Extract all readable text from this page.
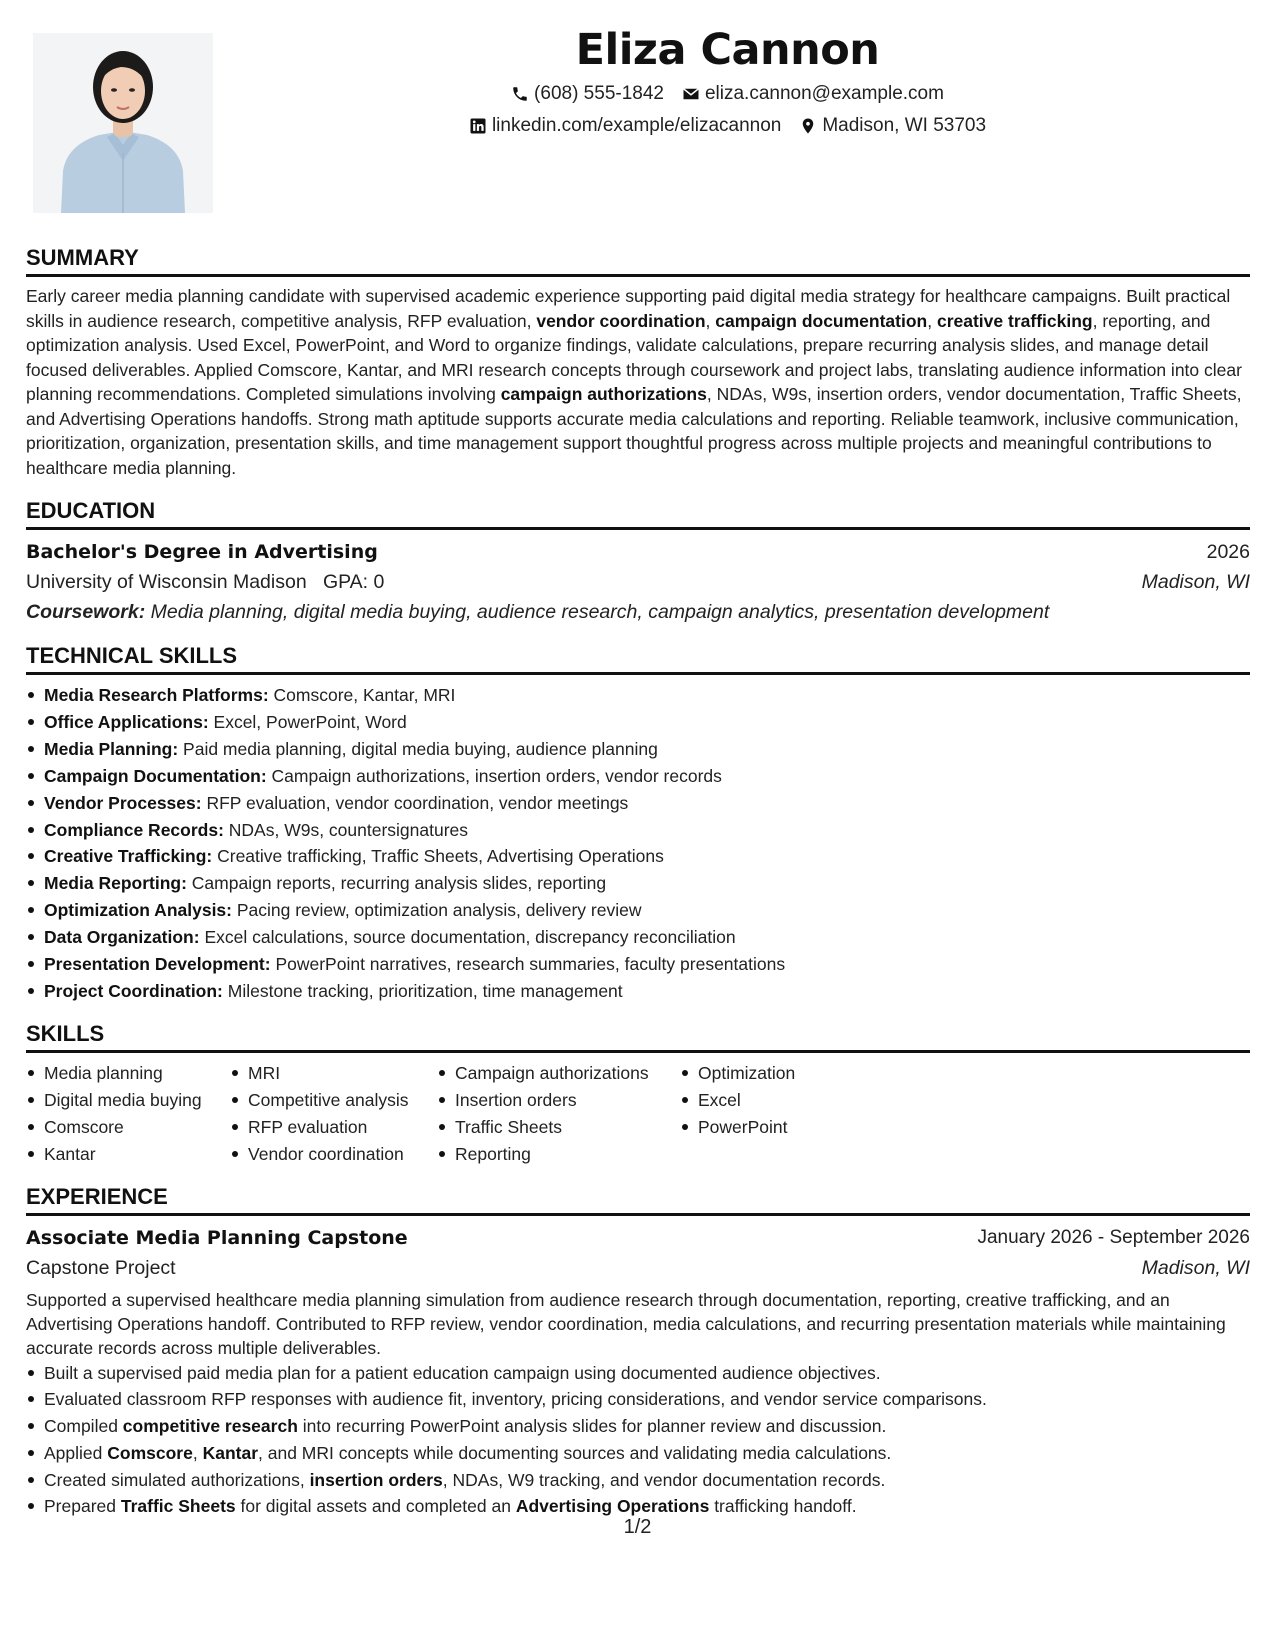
Eliza Cannon
(608) 555-1842 eliza.cannon@example.com
linkedin.com/example/elizacannon Madison, WI 53703
SUMMARY

Early career media planning candidate with supervised academic experience supporting paid digital media strategy for healthcare campaigns. Built practical skills in audience research, competitive analysis, RFP evaluation, vendor coordination, campaign documentation, creative trafficking, reporting, and optimization analysis. Used Excel, PowerPoint, and Word to organize findings, validate calculations, prepare recurring analysis slides, and manage detail focused deliverables. Applied Comscore, Kantar, and MRI research concepts through coursework and project labs, translating audience information into clear planning recommendations. Completed simulations involving campaign authorizations, NDAs, W9s, insertion orders, vendor documentation, Traffic Sheets, and Advertising Operations handoffs. Strong math aptitude supports accurate media calculations and reporting. Reliable teamwork, inclusive communication, prioritization, organization, presentation skills, and time management support thoughtful progress across multiple projects and meaningful contributions to healthcare media planning.

EDUCATION
Bachelor's Degree in Advertising	2026
University of Wisconsin Madison GPA: 0	Madison, WI
Coursework: Media planning, digital media buying, audience research, campaign analytics, presentation development
TECHNICAL SKILLS
Media Research Platforms: Comscore, Kantar, MRI
Office Applications: Excel, PowerPoint, Word
Media Planning: Paid media planning, digital media buying, audience planning
Campaign Documentation: Campaign authorizations, insertion orders, vendor records
Vendor Processes: RFP evaluation, vendor coordination, vendor meetings
Compliance Records: NDAs, W9s, countersignatures
Creative Trafficking: Creative trafficking, Traffic Sheets, Advertising Operations
Media Reporting: Campaign reports, recurring analysis slides, reporting
Optimization Analysis: Pacing review, optimization analysis, delivery review
Data Organization: Excel calculations, source documentation, discrepancy reconciliation
Presentation Development: PowerPoint narratives, research summaries, faculty presentations
Project Coordination: Milestone tracking, prioritization, time management
SKILLS
Media planning
Digital media buying
Comscore
Kantar
MRI
Competitive analysis
RFP evaluation
Vendor coordination
Campaign authorizations
Insertion orders
Traffic Sheets
Reporting
Optimization
Excel
PowerPoint
EXPERIENCE
Associate Media Planning Capstone	January 2026 - September 2026
Capstone Project	Madison, WI

Supported a supervised healthcare media planning simulation from audience research through documentation, reporting, creative trafficking, and an Advertising Operations handoff. Contributed to RFP review, vendor coordination, media calculations, and recurring presentation materials while maintaining accurate records across multiple deliverables.

Built a supervised paid media plan for a patient education campaign using documented audience objectives.
Evaluated classroom RFP responses with audience fit, inventory, pricing considerations, and vendor service comparisons.
Compiled competitive research into recurring PowerPoint analysis slides for planner review and discussion.
Applied Comscore, Kantar, and MRI concepts while documenting sources and validating media calculations.
Created simulated authorizations, insertion orders, NDAs, W9 tracking, and vendor documentation records.
Prepared Traffic Sheets for digital assets and completed an Advertising Operations trafficking handoff.
1/2
